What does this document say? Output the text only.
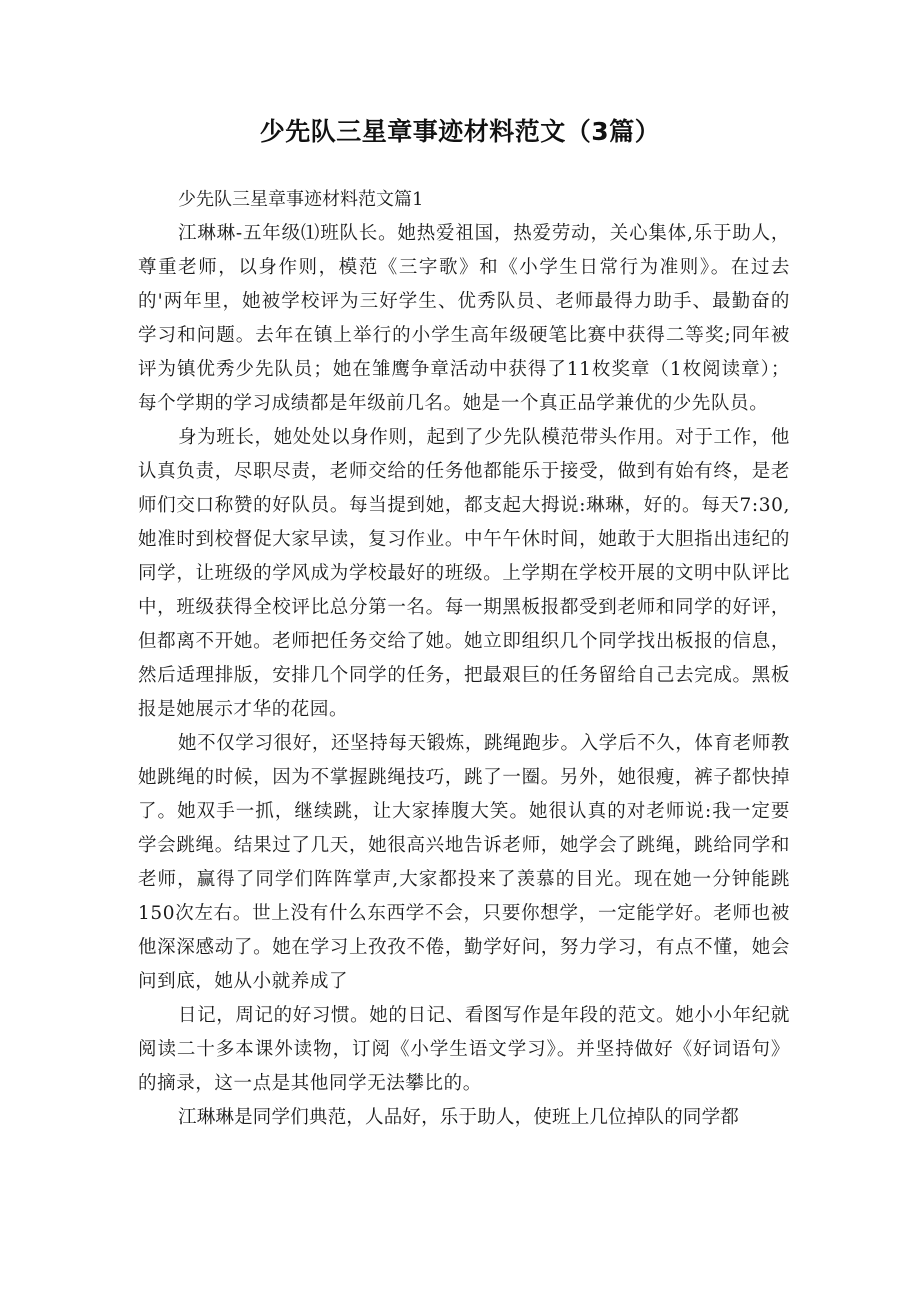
少先队三星章事迹材料范文（3篇）

少先队三星章事迹材料范文篇1

江琳琳-五年级⑴班队长。她热爱祖国，热爱劳动，关心集体,乐于助人，尊重老师，以身作则，模范《三字歌》和《小学生日常行为准则》。在过去的'两年里，她被学校评为三好学生、优秀队员、老师最得力助手、最勤奋的学习和问题。去年在镇上举行的小学生高年级硬笔比赛中获得二等奖;同年被评为镇优秀少先队员；她在雏鹰争章活动中获得了11枚奖章（1枚阅读章）；每个学期的学习成绩都是年级前几名。她是一个真正品学兼优的少先队员。

身为班长，她处处以身作则，起到了少先队模范带头作用。对于工作，他认真负责，尽职尽责，老师交给的任务他都能乐于接受，做到有始有终，是老师们交口称赞的好队员。每当提到她，都支起大拇说:琳琳，好的。每天7:30,她准时到校督促大家早读，复习作业。中午午休时间，她敢于大胆指出违纪的同学，让班级的学风成为学校最好的班级。上学期在学校开展的文明中队评比中，班级获得全校评比总分第一名。每一期黑板报都受到老师和同学的好评，但都离不开她。老师把任务交给了她。她立即组织几个同学找出板报的信息，然后适理排版，安排几个同学的任务，把最艰巨的任务留给自己去完成。黑板报是她展示才华的花园。

她不仅学习很好，还坚持每天锻炼，跳绳跑步。入学后不久，体育老师教她跳绳的时候，因为不掌握跳绳技巧，跳了一圈。另外，她很瘦，裤子都快掉了。她双手一抓，继续跳，让大家捧腹大笑。她很认真的对老师说:我一定要学会跳绳。结果过了几天，她很高兴地告诉老师，她学会了跳绳，跳给同学和老师，赢得了同学们阵阵掌声,大家都投来了羡慕的目光。现在她一分钟能跳150次左右。世上没有什么东西学不会，只要你想学，一定能学好。老师也被他深深感动了。她在学习上孜孜不倦，勤学好问，努力学习，有点不懂，她会问到底，她从小就养成了

日记，周记的好习惯。她的日记、看图写作是年段的范文。她小小年纪就阅读二十多本课外读物，订阅《小学生语文学习》。并坚持做好《好词语句》的摘录，这一点是其他同学无法攀比的。

江琳琳是同学们典范，人品好，乐于助人，使班上几位掉队的同学都
